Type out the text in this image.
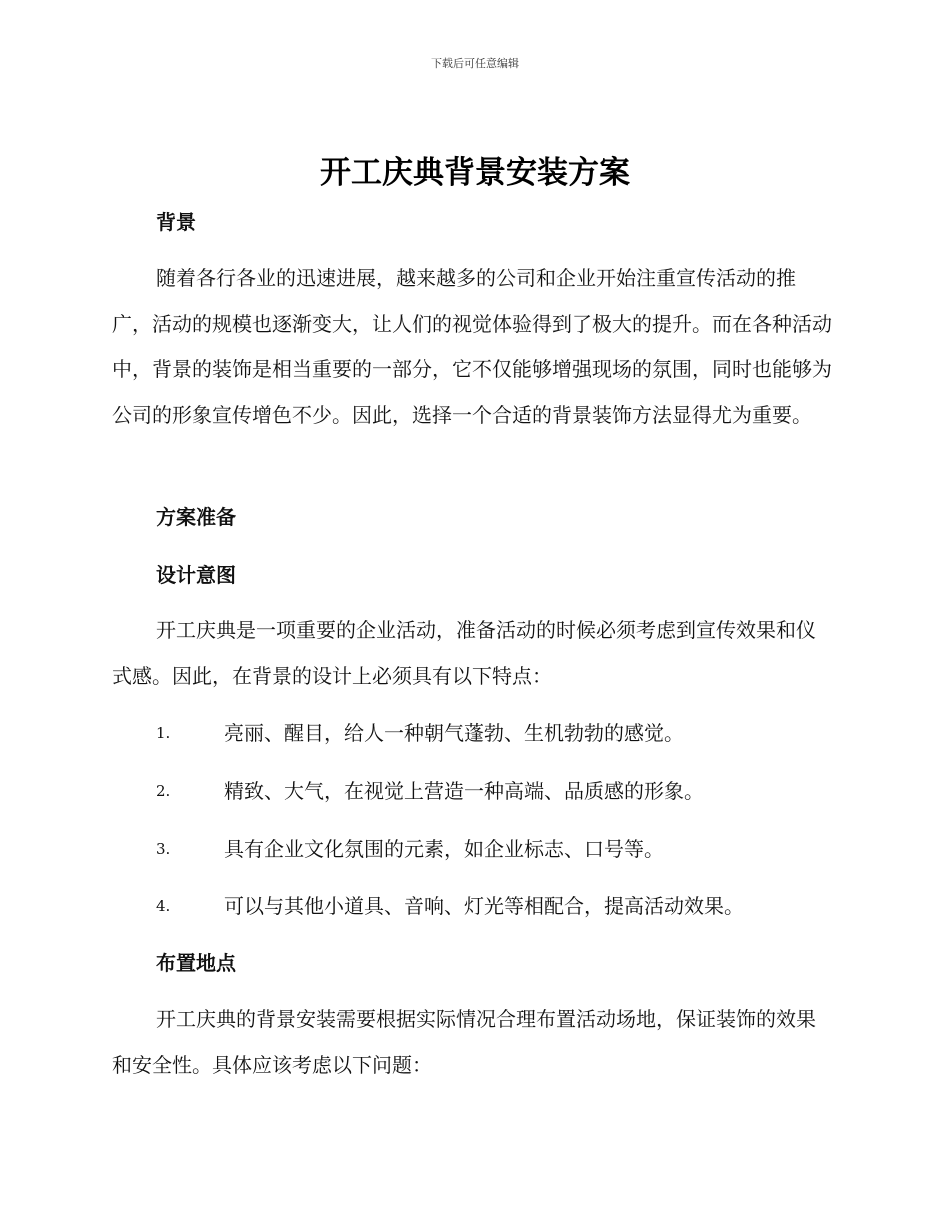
下载后可任意编辑
开工庆典背景安装方案
背景

随着各行各业的迅速进展，越来越多的公司和企业开始注重宣传活动的推广，活动的规模也逐渐变大，让人们的视觉体验得到了极大的提升。而在各种活动中，背景的装饰是相当重要的一部分，它不仅能够增强现场的氛围，同时也能够为公司的形象宣传增色不少。因此，选择一个合适的背景装饰方法显得尤为重要。

方案准备
设计意图

开工庆典是一项重要的企业活动，准备活动的时候必须考虑到宣传效果和仪式感。因此，在背景的设计上必须具有以下特点：

1.	亮丽、醒目，给人一种朝气蓬勃、生机勃勃的感觉。
2.	精致、大气，在视觉上营造一种高端、品质感的形象。
3.	具有企业文化氛围的元素，如企业标志、口号等。
4.	可以与其他小道具、音响、灯光等相配合，提高活动效果。
布置地点

开工庆典的背景安装需要根据实际情况合理布置活动场地，保证装饰的效果和安全性。具体应该考虑以下问题：
